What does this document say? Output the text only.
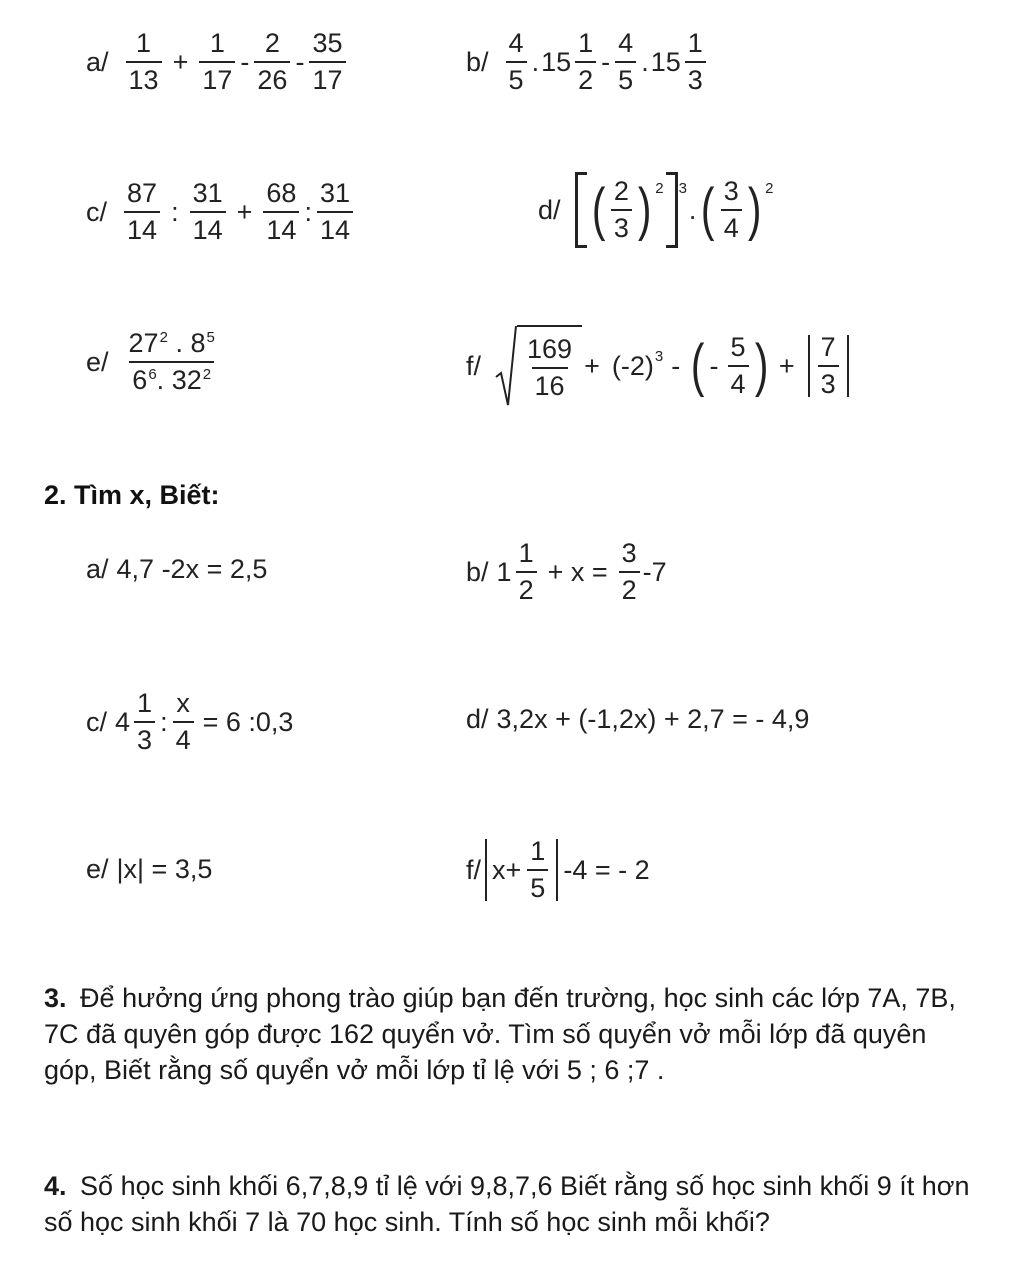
$a/ \frac{1}{13} + \frac{1}{17} - \frac{2}{26} - \frac{35}{17}$	$b/ \frac{4}{5}$ . $15 \frac{1}{2} - \frac{4}{5}$ . $15 \frac{1}{3}$
$c/ \frac{87}{14}$ : $\frac{31}{14} + \frac{68}{14}$ : $\frac{31}{14}$	d/ ( $\frac{2}{3}$ ) $^2$ $^3$
. ( $\frac{3}{4}$ ) $^2$
$e/ \frac{27^2 . 8^5}{6^6. 32^2}$	$f/ \frac{169}{16} + (-2)^3$ - ( - $\frac{5}{4}$ ) + $\frac{7}{3}$
2. Tìm x, Biết:
a/ 4,7 -2x = 2,5	b/ $1 \frac{1}{2} + x = \frac{3}{2} -7$
c/ $4 \frac{1}{3}$ : $\frac{x}{4} = 6$ :0,3	d/ 3,2x + (-1,2x) + 2,7 = - 4,9
e/ |x| = 3,5	f/ $x+ \frac{1}{5} -4$ = - 2
3. Để hưởng ứng phong trào giúp bạn đến trường, học sinh các lớp 7A, 7B, 7C đã quyên góp được 162 quyển vở. Tìm số quyển vở mỗi lớp đã quyên góp, Biết rằng số quyển vở mỗi lớp tỉ lệ với 5 ; 6 ;7 .
4. Số học sinh khối 6,7,8,9 tỉ lệ với 9,8,7,6 Biết rằng số học sinh khối 9 ít hơn số học sinh khối 7 là 70 học sinh. Tính số học sinh mỗi khối?
